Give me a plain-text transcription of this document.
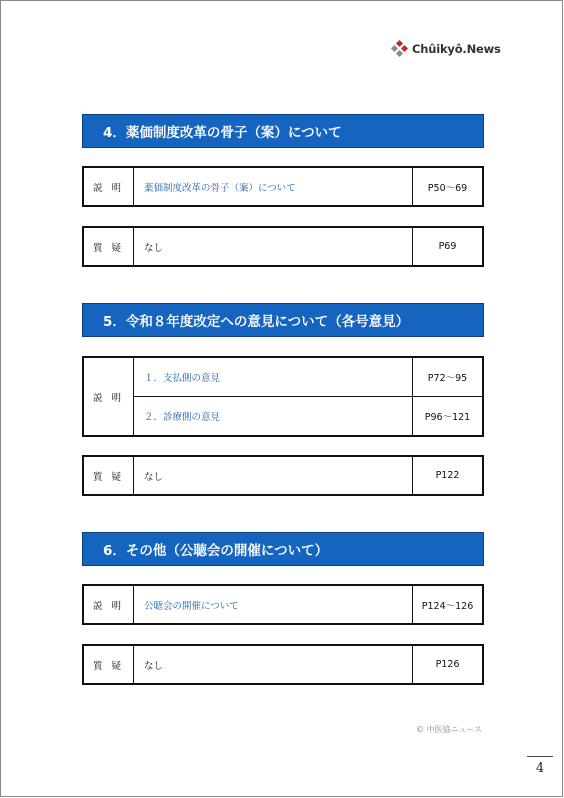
Chûikyô.News
4．薬価制度改革の骨子（案）について
説 明	薬価制度改革の骨子（案）について	P50〜69
質 疑	なし	P69
5．令和８年度改定への意見について（各号意見）
説 明
１．支払側の意見	P72〜95
２．診療側の意見	P96〜121
質 疑	なし	P122
6．その他（公聴会の開催について）
説 明	公聴会の開催について	P124〜126
質 疑	なし	P126
© 中医協ニュース
4
